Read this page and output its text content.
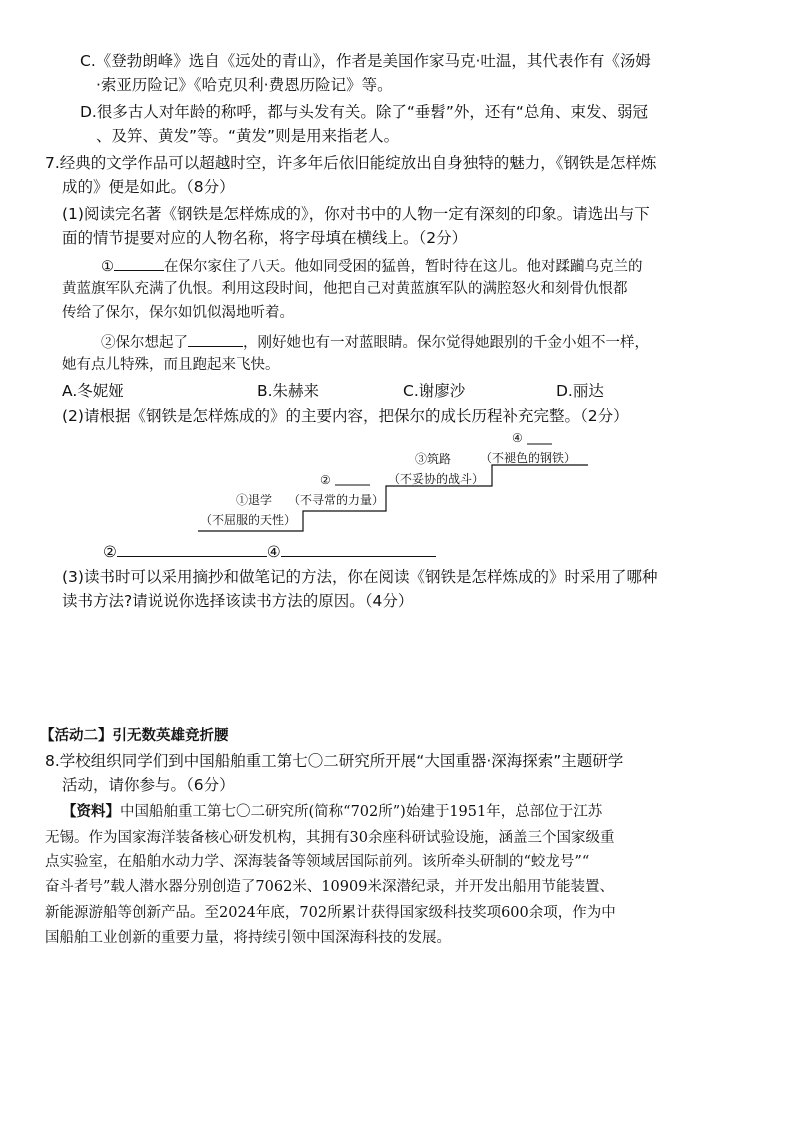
C.《登勃朗峰》选自《远处的青山》，作者是美国作家马克·吐温，其代表作有《汤姆
·索亚历险记》《哈克贝利·费恩历险记》等。
D.很多古人对年龄的称呼，都与头发有关。除了“垂髫”外，还有“总角、束发、弱冠
、及笄、黄发”等。“黄发”则是用来指老人。
7.经典的文学作品可以超越时空，许多年后依旧能绽放出自身独特的魅力，《钢铁是怎样炼
成的》便是如此。（8分）
(1)阅读完名著《钢铁是怎样炼成的》，你对书中的人物一定有深刻的印象。请选出与下
面的情节提要对应的人物名称，将字母填在横线上。（2分）
①	在保尔家住了八天。他如同受困的猛兽，暂时待在这儿。他对蹂躏乌克兰的
黄蓝旗军队充满了仇恨。利用这段时间，他把自己对黄蓝旗军队的满腔怒火和刻骨仇恨都
传给了保尔，保尔如饥似渴地听着。
②保尔想起了	，刚好她也有一对蓝眼睛。保尔觉得她跟别的千金小姐不一样，
她有点儿特殊，而且跑起来飞快。
A.冬妮娅	B.朱赫来	C.谢廖沙	D.丽达
(2)请根据《钢铁是怎样炼成的》的主要内容，把保尔的成长历程补充完整。（2分）
①退学
（不屈服的天性）
②
（不寻常的力量）
③筑路
（不妥协的战斗）
④
（不褪色的钢铁）
②	④
(3)读书时可以采用摘抄和做笔记的方法，你在阅读《钢铁是怎样炼成的》时采用了哪种
读书方法?请说说你选择该读书方法的原因。（4分）
【活动二】引无数英雄竞折腰
8.学校组织同学们到中国船舶重工第七〇二研究所开展“大国重器·深海探索”主题研学
活动，请你参与。（6分）
【资料】中国船舶重工第七〇二研究所(简称“702所”)始建于1951年，总部位于江苏
无锡。作为国家海洋装备核心研发机构，其拥有30余座科研试验设施，涵盖三个国家级重
点实验室，在船舶水动力学、深海装备等领域居国际前列。该所牵头研制的“蛟龙号”“
奋斗者号”载人潜水器分别创造了7062米、10909米深潜纪录，并开发出船用节能装置、
新能源游船等创新产品。至2024年底，702所累计获得国家级科技奖项600余项，作为中
国船舶工业创新的重要力量，将持续引领中国深海科技的发展。
